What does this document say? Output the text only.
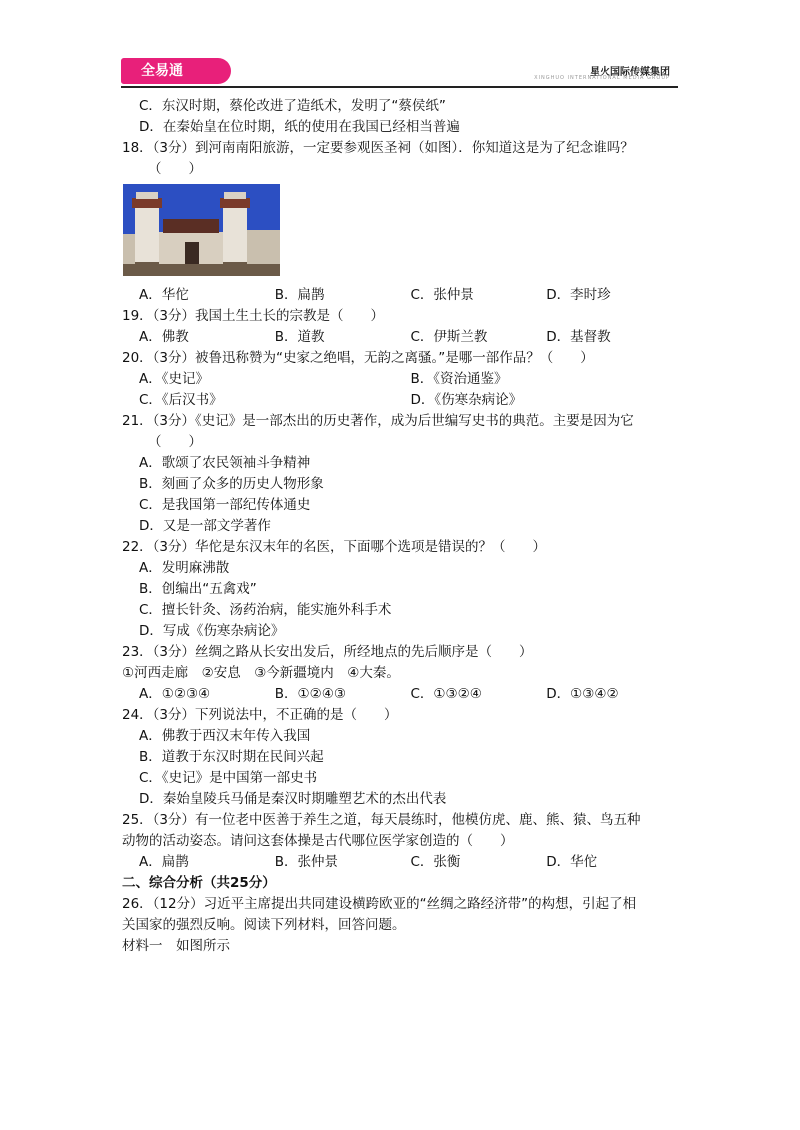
全易通	星火国际传媒集团
XINGHUO INTERNATIONAL MEDIA GROUP
C．东汉时期，蔡伦改进了造纸术，发明了“蔡侯纸”
D．在秦始皇在位时期，纸的使用在我国已经相当普遍
18．（3分）到河南南阳旅游，一定要参观医圣祠（如图）．你知道这是为了纪念谁吗？
（　　）
A．华佗	B．扁鹊	C．张仲景	D．李时珍
19．（3分）我国土生土长的宗教是（　　）
A．佛教	B．道教	C．伊斯兰教	D．基督教
20．（3分）被鲁迅称赞为“史家之绝唱，无韵之离骚。”是哪一部作品？（　　）
A．《史记》	B．《资治通鉴》
C．《后汉书》	D．《伤寒杂病论》
21．（3分）《史记》是一部杰出的历史著作，成为后世编写史书的典范。主要是因为它
（　　）
A．歌颂了农民领袖斗争精神
B．刻画了众多的历史人物形象
C．是我国第一部纪传体通史
D．又是一部文学著作
22．（3分）华佗是东汉末年的名医，下面哪个选项是错误的？（　　）
A．发明麻沸散
B．创编出“五禽戏”
C．擅长针灸、汤药治病，能实施外科手术
D．写成《伤寒杂病论》
23．（3分）丝绸之路从长安出发后，所经地点的先后顺序是（　　）
①河西走廊　②安息　③今新疆境内　④大秦。
A．①②③④	B．①②④③	C．①③②④	D．①③④②
24．（3分）下列说法中，不正确的是（　　）
A．佛教于西汉末年传入我国
B．道教于东汉时期在民间兴起
C．《史记》是中国第一部史书
D．秦始皇陵兵马俑是秦汉时期雕塑艺术的杰出代表
25．（3分）有一位老中医善于养生之道，每天晨练时，他模仿虎、鹿、熊、猿、鸟五种
动物的活动姿态。请问这套体操是古代哪位医学家创造的（　　）
A．扁鹊	B．张仲景	C．张衡	D．华佗
二、综合分析（共25分）
26．（12分）习近平主席提出共同建设横跨欧亚的“丝绸之路经济带”的构想，引起了相
关国家的强烈反响。阅读下列材料，回答问题。
材料一　如图所示
